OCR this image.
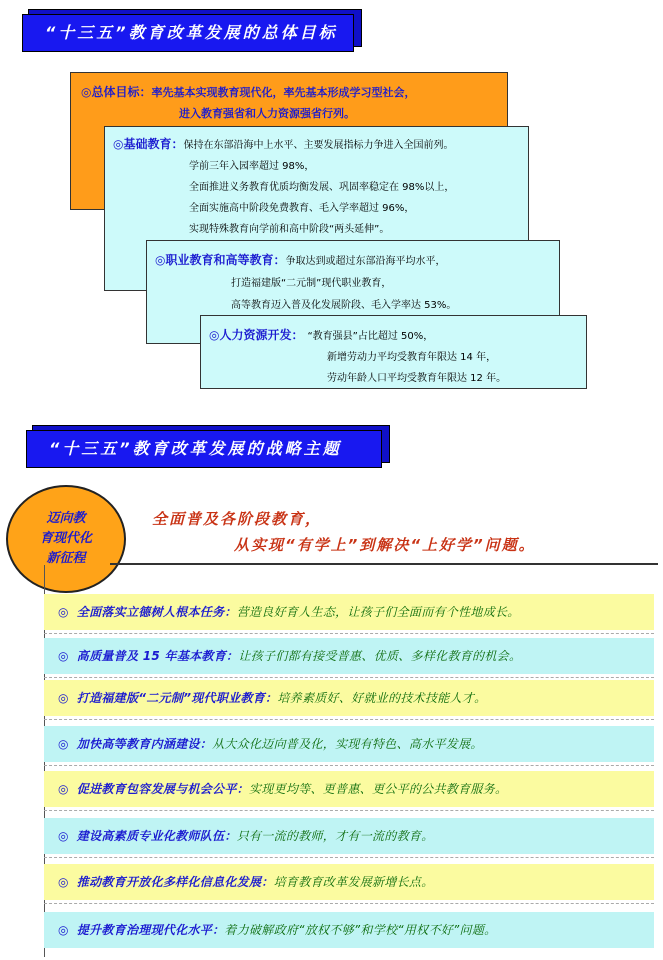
“十三五”教育改革发展的总体目标
◎总体目标：率先基本实现教育现代化，率先基本形成学习型社会，
进入教育强省和人力资源强省行列。
◎基础教育：保持在东部沿海中上水平、主要发展指标力争进入全国前列。
学前三年入园率超过 98%，
全面推进义务教育优质均衡发展、巩固率稳定在 98%以上，
全面实施高中阶段免费教育、毛入学率超过 96%，
实现特殊教育向学前和高中阶段“两头延伸”。
◎职业教育和高等教育：争取达到或超过东部沿海平均水平，
打造福建版“二元制”现代职业教育，
高等教育迈入普及化发展阶段、毛入学率达 53%。
◎人力资源开发： “教育强县”占比超过 50%，
新增劳动力平均受教育年限达 14 年，
劳动年龄人口平均受教育年限达 12 年。
“十三五”教育改革发展的战略主题
迈向教
育现代化
新征程
全面普及各阶段教育，
从实现“有学上”到解决“上好学”问题。
◎ 全面落实立德树人根本任务：营造良好育人生态，让孩子们全面而有个性地成长。
◎ 高质量普及 15 年基本教育：让孩子们都有接受普惠、优质、多样化教育的机会。
◎ 打造福建版“二元制”现代职业教育：培养素质好、好就业的技术技能人才。
◎ 加快高等教育内涵建设：从大众化迈向普及化，实现有特色、高水平发展。
◎ 促进教育包容发展与机会公平：实现更均等、更普惠、更公平的公共教育服务。
◎ 建设高素质专业化教师队伍：只有一流的教师，才有一流的教育。
◎ 推动教育开放化多样化信息化发展：培育教育改革发展新增长点。
◎ 提升教育治理现代化水平：着力破解政府“放权不够”和学校“用权不好”问题。
